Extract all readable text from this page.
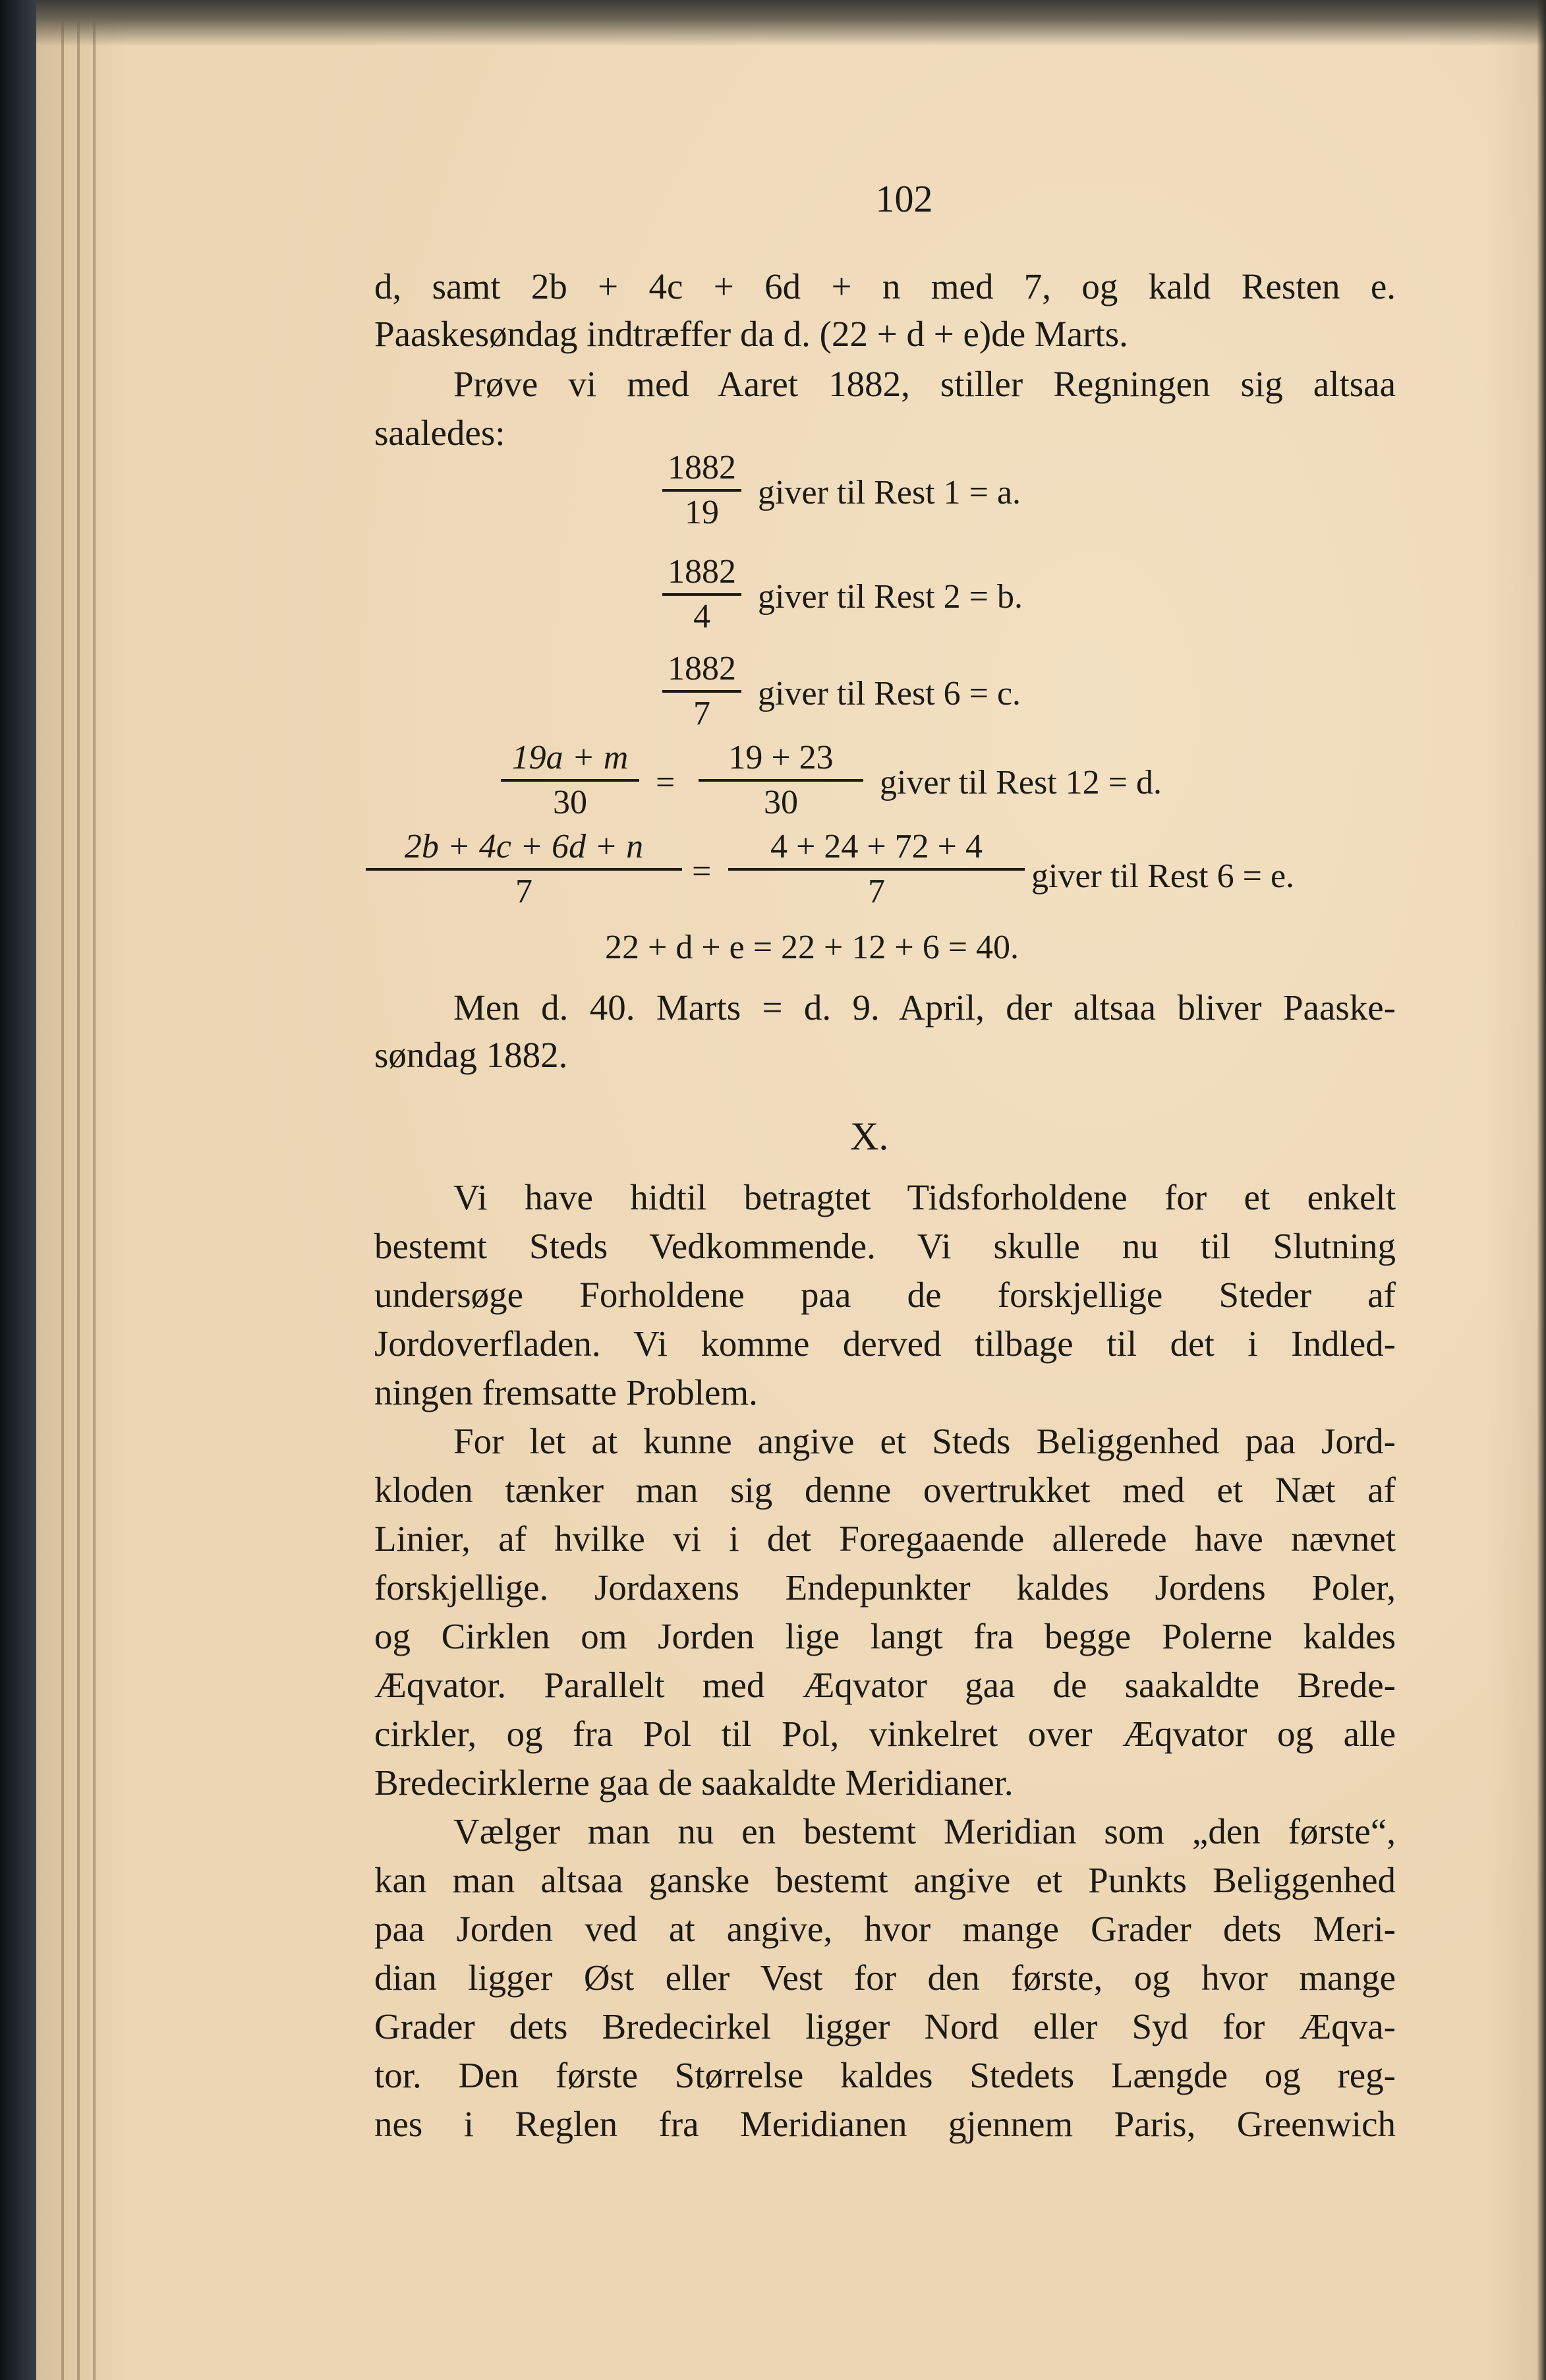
102
d, samt 2b + 4c + 6d + n med 7, og kald Resten e.
Paaskesøndag indtræffer da d. (22 + d + e)de Marts.
Prøve vi med Aaret 1882, stiller Regningen sig altsaa
saaledes:
1882
19
giver til Rest 1 = a.
1882
4
giver til Rest 2 = b.
1882
7
giver til Rest 6 = c.
19a + m
30
=
19 + 23
30
giver til Rest 12 = d.
2b + 4c + 6d + n
7
=
4 + 24 + 72 + 4
7	giver til Rest 6 = e.
22 + d + e = 22 + 12 + 6 = 40.
Men d. 40. Marts = d. 9. April, der altsaa bliver Paaske-
søndag 1882.
X.
Vi have hidtil betragtet Tidsforholdene for et enkelt
bestemt Steds Vedkommende. Vi skulle nu til Slutning
undersøge Forholdene paa de forskjellige Steder af
Jordoverfladen. Vi komme derved tilbage til det i Indled-
ningen fremsatte Problem.
For let at kunne angive et Steds Beliggenhed paa Jord-
kloden tænker man sig denne overtrukket med et Næt af
Linier, af hvilke vi i det Foregaaende allerede have nævnet
forskjellige. Jordaxens Endepunkter kaldes Jordens Poler,
og Cirklen om Jorden lige langt fra begge Polerne kaldes
Æqvator. Parallelt med Æqvator gaa de saakaldte Brede-
cirkler, og fra Pol til Pol, vinkelret over Æqvator og alle
Bredecirklerne gaa de saakaldte Meridianer.
Vælger man nu en bestemt Meridian som „den første“,
kan man altsaa ganske bestemt angive et Punkts Beliggenhed
paa Jorden ved at angive, hvor mange Grader dets Meri-
dian ligger Øst eller Vest for den første, og hvor mange
Grader dets Bredecirkel ligger Nord eller Syd for Æqva-
tor. Den første Størrelse kaldes Stedets Længde og reg-
nes i Reglen fra Meridianen gjennem Paris, Greenwich
